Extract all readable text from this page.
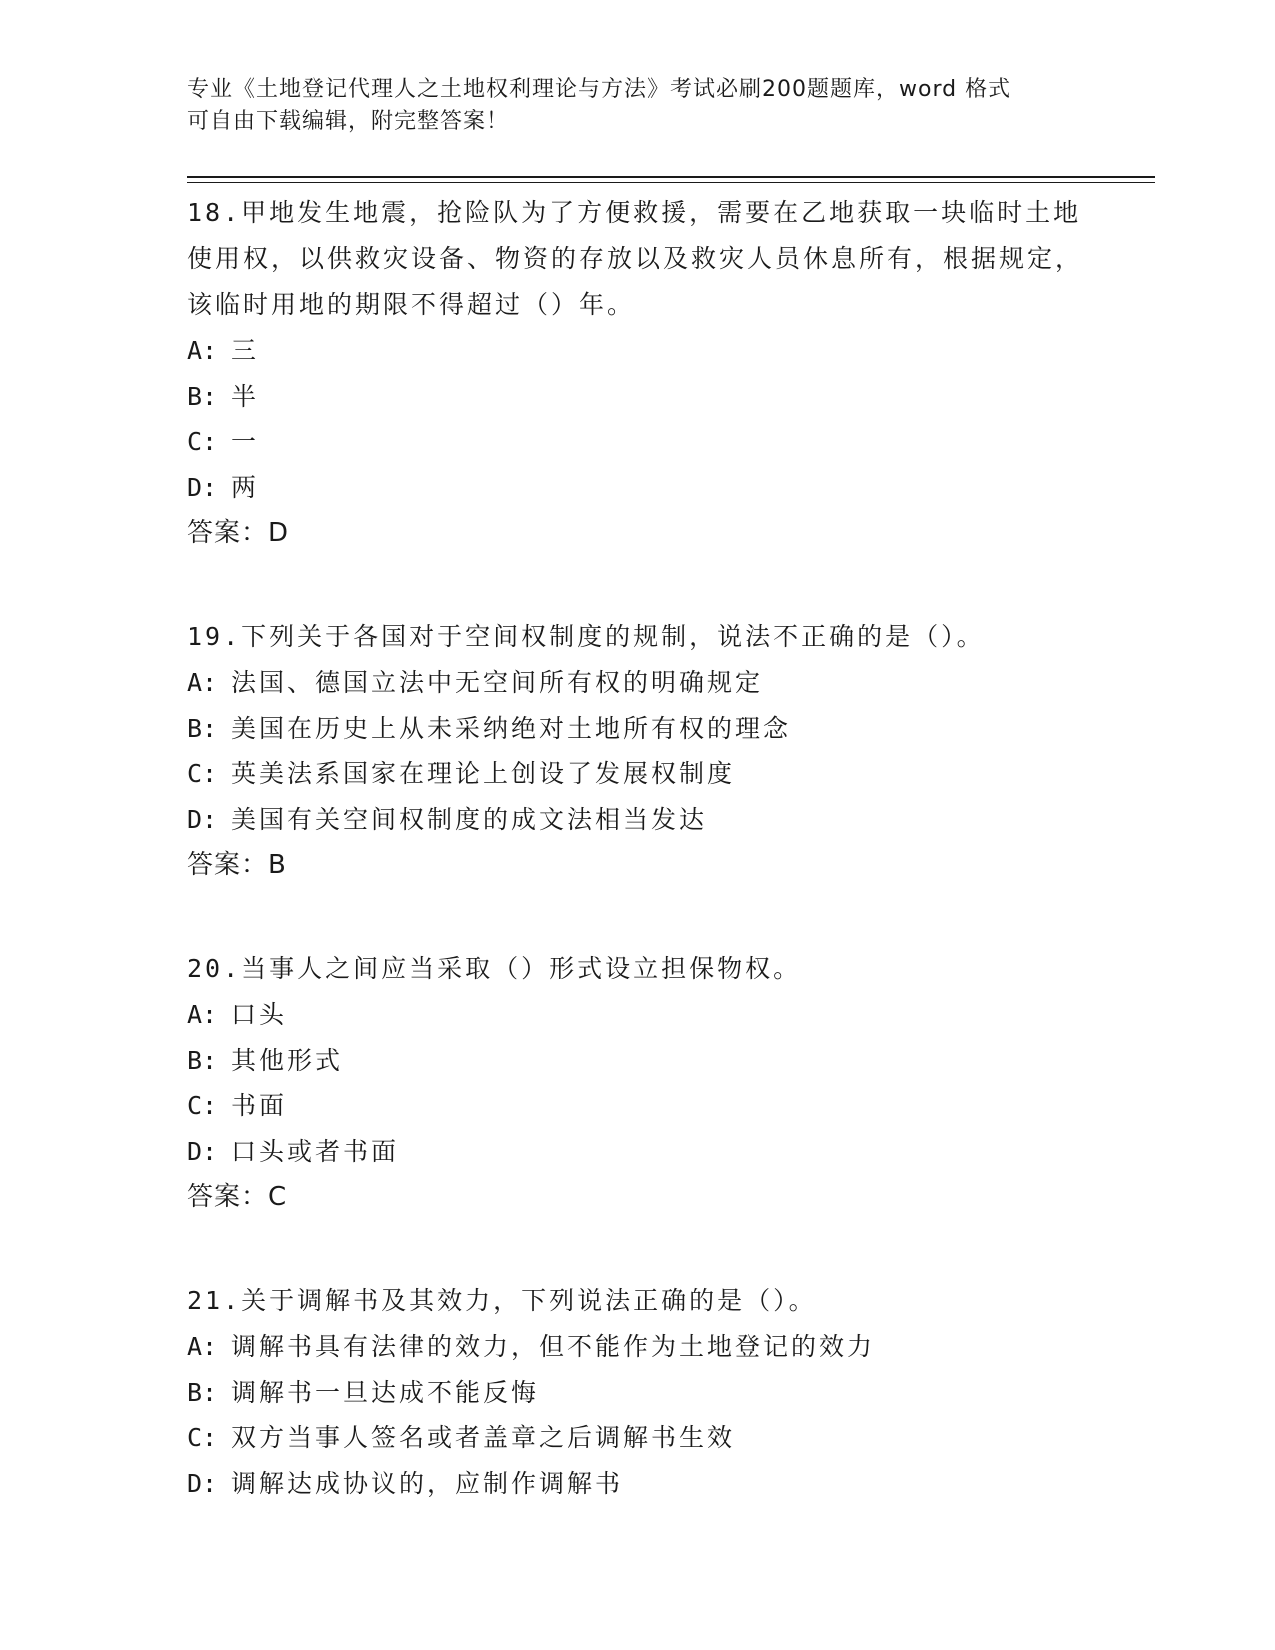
专业《土地登记代理人之土地权利理论与方法》考试必刷200题题库，word 格式
可自由下载编辑，附完整答案！

18.甲地发生地震，抢险队为了方便救援，需要在乙地获取一块临时土地使用权，以供救灾设备、物资的存放以及救灾人员休息所有，根据规定，该临时用地的期限不得超过（）年。

A: 三

B: 半

C: 一

D: 两

答案：D

19.下列关于各国对于空间权制度的规制，说法不正确的是（）。

A: 法国、德国立法中无空间所有权的明确规定

B: 美国在历史上从未采纳绝对土地所有权的理念

C: 英美法系国家在理论上创设了发展权制度

D: 美国有关空间权制度的成文法相当发达

答案：B

20.当事人之间应当采取（）形式设立担保物权。

A: 口头

B: 其他形式

C: 书面

D: 口头或者书面

答案：C

21.关于调解书及其效力，下列说法正确的是（）。

A: 调解书具有法律的效力，但不能作为土地登记的效力

B: 调解书一旦达成不能反悔

C: 双方当事人签名或者盖章之后调解书生效

D: 调解达成协议的，应制作调解书
